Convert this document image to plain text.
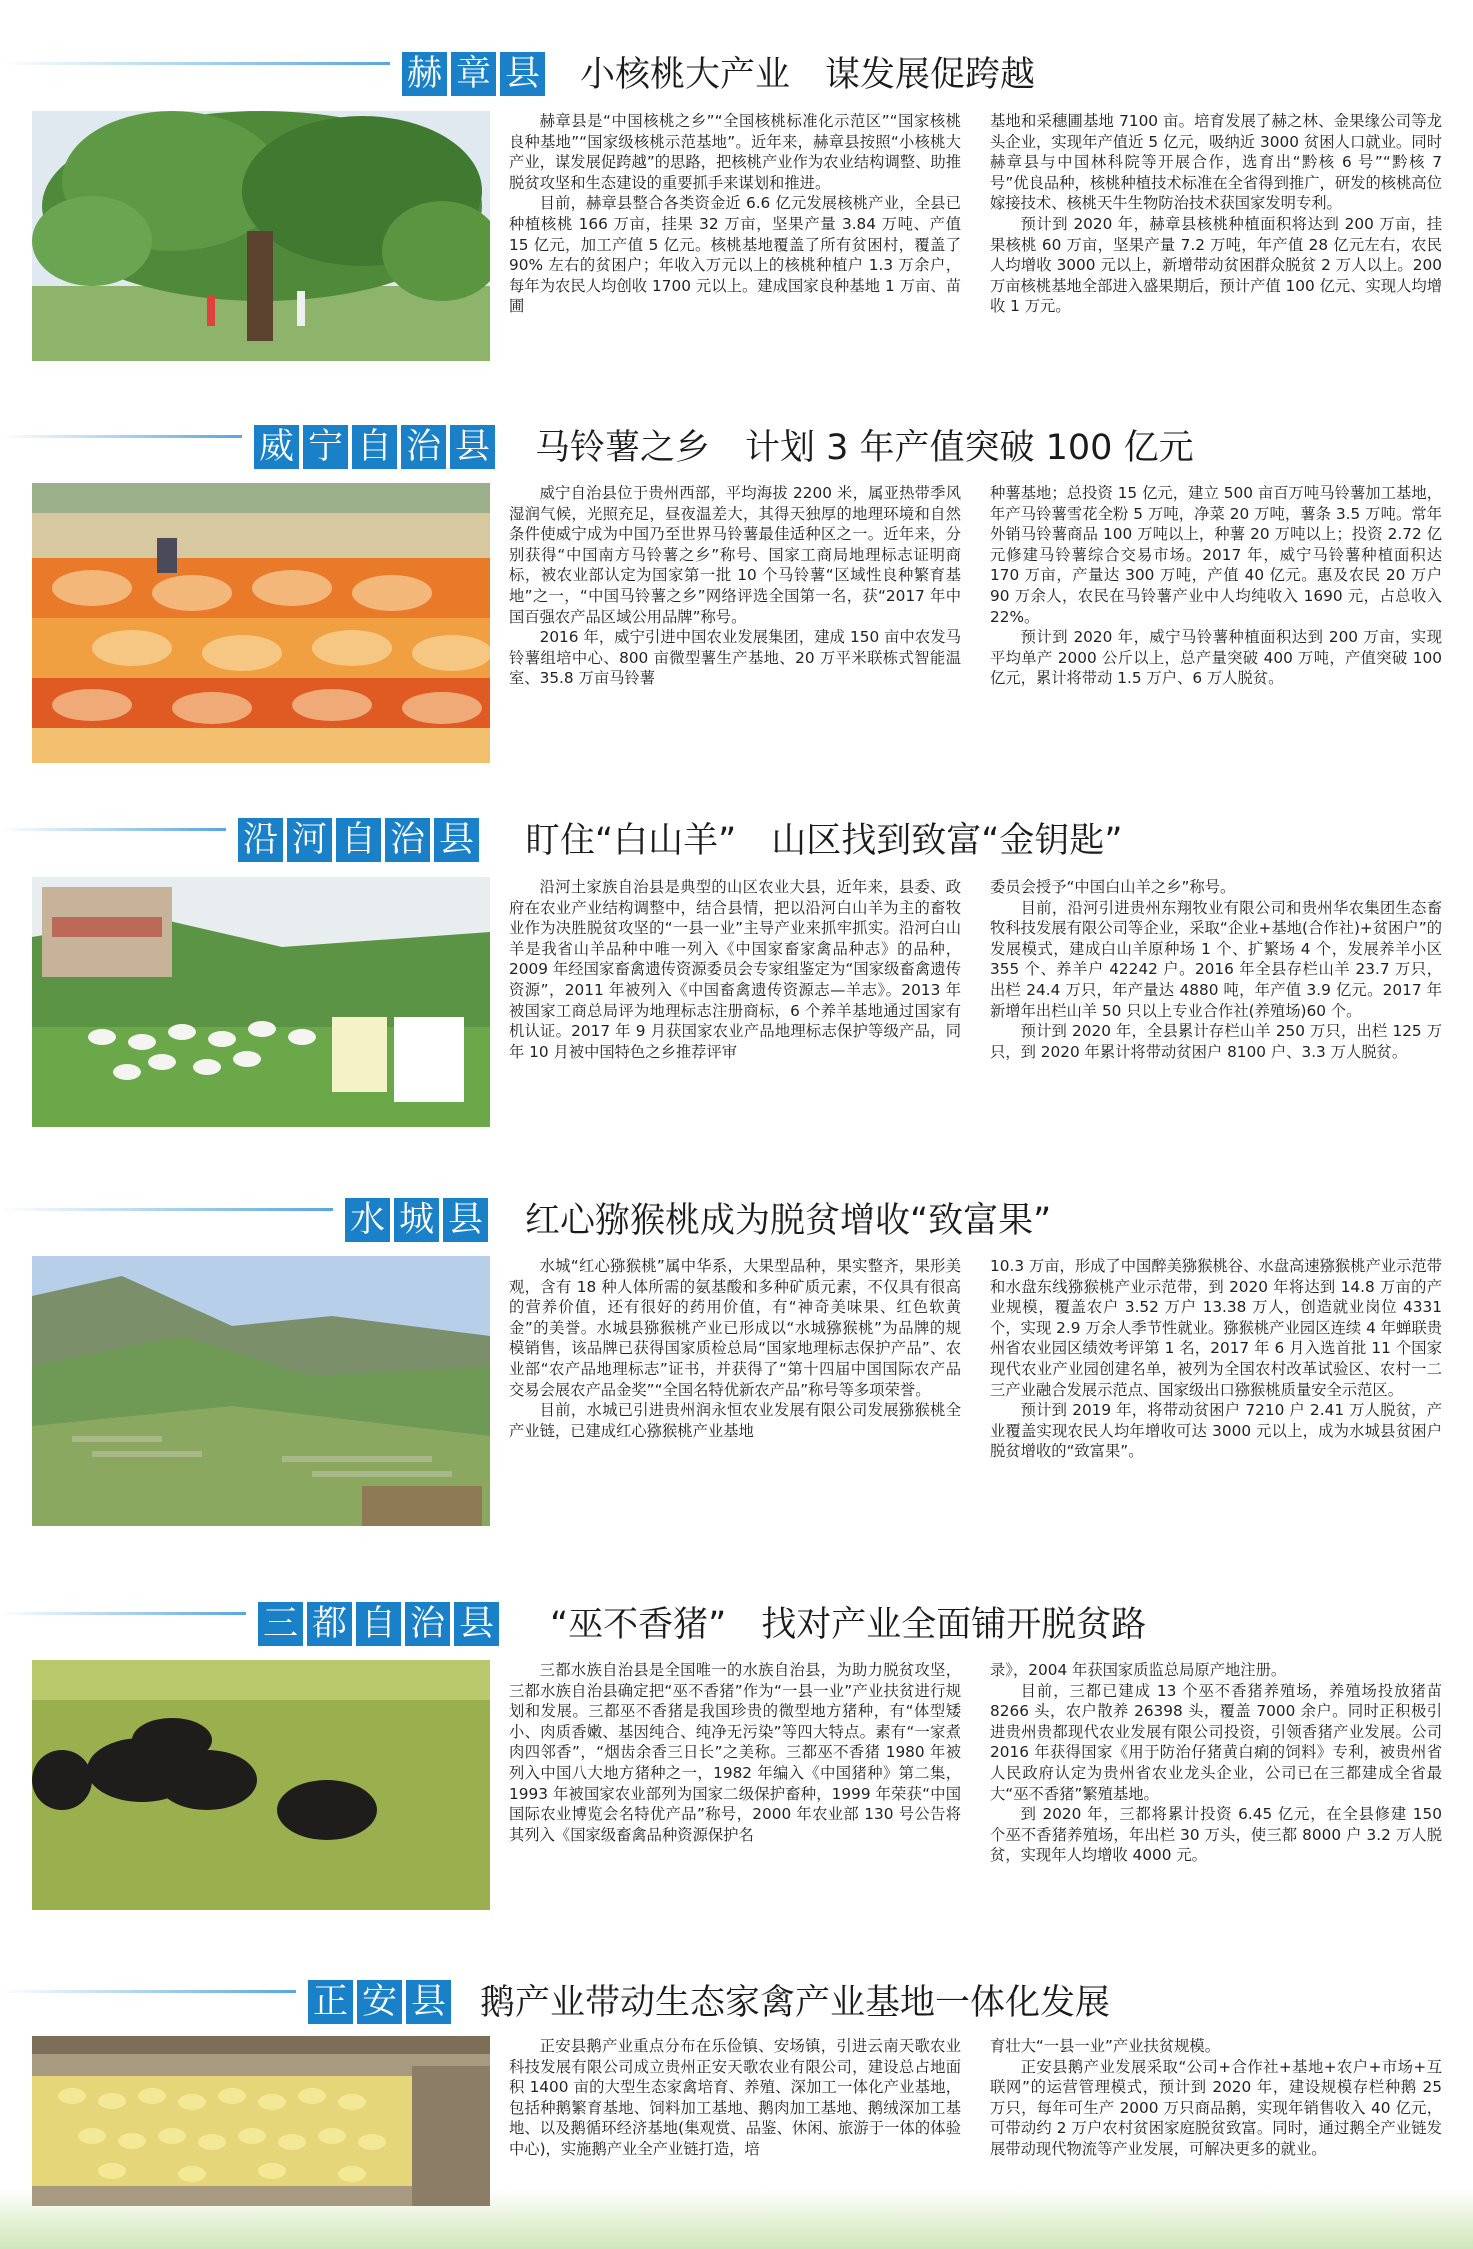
赫 章 县 小核桃大产业　谋发展促跨越

赫章县是“中国核桃之乡”“全国核桃标准化示范区”“国家核桃良种基地”“国家级核桃示范基地”。近年来，赫章县按照“小核桃大产业，谋发展促跨越”的思路，把核桃产业作为农业结构调整、助推脱贫攻坚和生态建设的重要抓手来谋划和推进。

目前，赫章县整合各类资金近 6.6 亿元发展核桃产业，全县已种植核桃 166 万亩，挂果 32 万亩，坚果产量 3.84 万吨、产值 15 亿元，加工产值 5 亿元。核桃基地覆盖了所有贫困村，覆盖了 90% 左右的贫困户；年收入万元以上的核桃种植户 1.3 万余户，每年为农民人均创收 1700 元以上。建成国家良种基地 1 万亩、苗圃

基地和采穗圃基地 7100 亩。培育发展了赫之林、金果缘公司等龙头企业，实现年产值近 5 亿元，吸纳近 3000 贫困人口就业。同时赫章县与中国林科院等开展合作，选育出“黔核 6 号”“黔核 7 号”优良品种，核桃种植技术标准在全省得到推广，研发的核桃高位嫁接技术、核桃天牛生物防治技术获国家发明专利。

预计到 2020 年，赫章县核桃种植面积将达到 200 万亩，挂果核桃 60 万亩，坚果产量 7.2 万吨，年产值 28 亿元左右，农民人均增收 3000 元以上，新增带动贫困群众脱贫 2 万人以上。200 万亩核桃基地全部进入盛果期后，预计产值 100 亿元、实现人均增收 1 万元。

威 宁 自 治 县 马铃薯之乡　计划 3 年产值突破 100 亿元

威宁自治县位于贵州西部，平均海拔 2200 米，属亚热带季风湿润气候，光照充足，昼夜温差大，其得天独厚的地理环境和自然条件使威宁成为中国乃至世界马铃薯最佳适种区之一。近年来，分别获得“中国南方马铃薯之乡”称号、国家工商局地理标志证明商标，被农业部认定为国家第一批 10 个马铃薯“区域性良种繁育基地”之一，“中国马铃薯之乡”网络评选全国第一名，获“2017 年中国百强农产品区域公用品牌”称号。

2016 年，威宁引进中国农业发展集团，建成 150 亩中农发马铃薯组培中心、800 亩微型薯生产基地、20 万平米联栋式智能温室、35.8 万亩马铃薯

种薯基地；总投资 15 亿元，建立 500 亩百万吨马铃薯加工基地，年产马铃薯雪花全粉 5 万吨，净菜 20 万吨，薯条 3.5 万吨。常年外销马铃薯商品 100 万吨以上，种薯 20 万吨以上；投资 2.72 亿元修建马铃薯综合交易市场。2017 年，威宁马铃薯种植面积达 170 万亩，产量达 300 万吨，产值 40 亿元。惠及农民 20 万户 90 万余人，农民在马铃薯产业中人均纯收入 1690 元，占总收入 22%。

预计到 2020 年，威宁马铃薯种植面积达到 200 万亩，实现平均单产 2000 公斤以上，总产量突破 400 万吨，产值突破 100 亿元，累计将带动 1.5 万户、6 万人脱贫。

沿 河 自 治 县 盯住“白山羊”　山区找到致富“金钥匙”

沿河土家族自治县是典型的山区农业大县，近年来，县委、政府在农业产业结构调整中，结合县情，把以沿河白山羊为主的畜牧业作为决胜脱贫攻坚的“一县一业”主导产业来抓牢抓实。沿河白山羊是我省山羊品种中唯一列入《中国家畜家禽品种志》的品种，2009 年经国家畜禽遗传资源委员会专家组鉴定为“国家级畜禽遗传资源”，2011 年被列入《中国畜禽遗传资源志—羊志》。2013 年被国家工商总局评为地理标志注册商标，6 个养羊基地通过国家有机认证。2017 年 9 月获国家农业产品地理标志保护等级产品，同年 10 月被中国特色之乡推荐评审

委员会授予“中国白山羊之乡”称号。

目前，沿河引进贵州东翔牧业有限公司和贵州华农集团生态畜牧科技发展有限公司等企业，采取“企业+基地(合作社)+贫困户”的发展模式，建成白山羊原种场 1 个、扩繁场 4 个，发展养羊小区 355 个、养羊户 42242 户。2016 年全县存栏山羊 23.7 万只，出栏 24.4 万只，年产量达 4880 吨，年产值 3.9 亿元。2017 年新增年出栏山羊 50 只以上专业合作社(养殖场)60 个。

预计到 2020 年，全县累计存栏山羊 250 万只，出栏 125 万只，到 2020 年累计将带动贫困户 8100 户、3.3 万人脱贫。

水 城 县 红心猕猴桃成为脱贫增收“致富果”

水城“红心猕猴桃”属中华系，大果型品种，果实整齐，果形美观，含有 18 种人体所需的氨基酸和多种矿质元素，不仅具有很高的营养价值，还有很好的药用价值，有“神奇美味果、红色软黄金”的美誉。水城县猕猴桃产业已形成以“水城猕猴桃”为品牌的规模销售，该品牌已获得国家质检总局“国家地理标志保护产品”、农业部“农产品地理标志”证书，并获得了“第十四届中国国际农产品交易会展农产品金奖”“全国名特优新农产品”称号等多项荣誉。

目前，水城已引进贵州润永恒农业发展有限公司发展猕猴桃全产业链，已建成红心猕猴桃产业基地

10.3 万亩，形成了中国醉美猕猴桃谷、水盘高速猕猴桃产业示范带和水盘东线猕猴桃产业示范带，到 2020 年将达到 14.8 万亩的产业规模，覆盖农户 3.52 万户 13.38 万人，创造就业岗位 4331 个，实现 2.9 万余人季节性就业。猕猴桃产业园区连续 4 年蝉联贵州省农业园区绩效考评第 1 名，2017 年 6 月入选首批 11 个国家现代农业产业园创建名单，被列为全国农村改革试验区、农村一二三产业融合发展示范点、国家级出口猕猴桃质量安全示范区。

预计到 2019 年，将带动贫困户 7210 户 2.41 万人脱贫，产业覆盖实现农民人均年增收可达 3000 元以上，成为水城县贫困户脱贫增收的“致富果”。

三 都 自 治 县 “巫不香猪”　找对产业全面铺开脱贫路

三都水族自治县是全国唯一的水族自治县，为助力脱贫攻坚，三都水族自治县确定把“巫不香猪”作为“一县一业”产业扶贫进行规划和发展。三都巫不香猪是我国珍贵的微型地方猪种，有“体型矮小、肉质香嫩、基因纯合、纯净无污染”等四大特点。素有“一家煮肉四邻香”，“烟齿余香三日长”之美称。三都巫不香猪 1980 年被列入中国八大地方猪种之一，1982 年编入《中国猪种》第二集，1993 年被国家农业部列为国家二级保护畜种，1999 年荣获“中国国际农业博览会名特优产品”称号，2000 年农业部 130 号公告将其列入《国家级畜禽品种资源保护名

录》，2004 年获国家质监总局原产地注册。

目前，三都已建成 13 个巫不香猪养殖场，养殖场投放猪苗 8266 头，农户散养 26398 头，覆盖 7000 余户。同时正积极引进贵州贵都现代农业发展有限公司投资，引领香猪产业发展。公司 2016 年获得国家《用于防治仔猪黄白痢的饲料》专利，被贵州省人民政府认定为贵州省农业龙头企业，公司已在三都建成全省最大“巫不香猪”繁殖基地。

到 2020 年，三都将累计投资 6.45 亿元，在全县修建 150 个巫不香猪养殖场，年出栏 30 万头，使三都 8000 户 3.2 万人脱贫，实现年人均增收 4000 元。

正 安 县 鹅产业带动生态家禽产业基地一体化发展

正安县鹅产业重点分布在乐俭镇、安场镇，引进云南天歌农业科技发展有限公司成立贵州正安天歌农业有限公司，建设总占地面积 1400 亩的大型生态家禽培育、养殖、深加工一体化产业基地，包括种鹅繁育基地、饲料加工基地、鹅肉加工基地、鹅绒深加工基地、以及鹅循环经济基地(集观赏、品鉴、休闲、旅游于一体的体验中心)，实施鹅产业全产业链打造，培

育壮大“一县一业”产业扶贫规模。

正安县鹅产业发展采取“公司+合作社+基地+农户+市场+互联网”的运营管理模式，预计到 2020 年，建设规模存栏种鹅 25 万只，每年可生产 2000 万只商品鹅，实现年销售收入 40 亿元，可带动约 2 万户农村贫困家庭脱贫致富。同时，通过鹅全产业链发展带动现代物流等产业发展，可解决更多的就业。
